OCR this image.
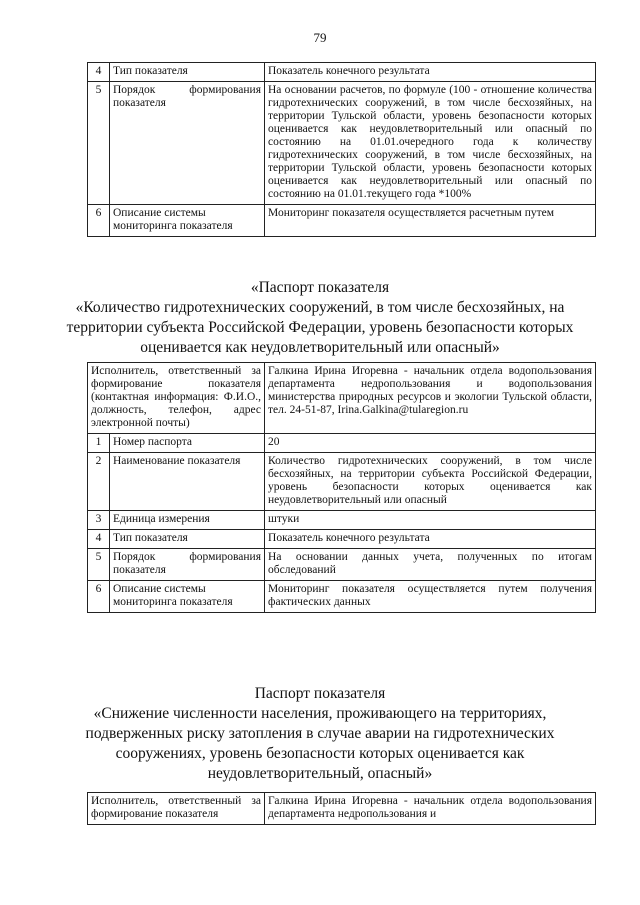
79
4	Тип показателя	Показатель конечного результата
5	Порядок формирования показателя	На основании расчетов, по формуле (100 - отношение количества гидротехнических сооружений, в том числе бесхозяйных, на территории Тульской области, уровень безопасности которых оценивается как неудовлетворительный или опасный по состоянию на 01.01.очередного года к количеству гидротехнических сооружений, в том числе бесхозяйных, на территории Тульской области, уровень безопасности которых оценивается как неудовлетворительный или опасный по состоянию на 01.01.текущего года *100%
6	Описание системы мониторинга показателя	Мониторинг показателя осуществляется расчетным путем
«Паспорт показателя
«Количество гидротехнических сооружений, в том числе бесхозяйных, на
территории субъекта Российской Федерации, уровень безопасности которых
оценивается как неудовлетворительный или опасный»
Исполнитель, ответственный за формирование показателя (контактная информация: Ф.И.О., должность, телефон, адрес электронной почты)		Галкина Ирина Игоревна - начальник отдела водопользования департамента недропользования и водопользования министерства природных ресурсов и экологии Тульской области, тел. 24-51-87, Irina.Galkina@tularegion.ru
1	Номер паспорта	20
2	Наименование показателя	Количество гидротехнических сооружений, в том числе бесхозяйных, на территории субъекта Российской Федерации, уровень безопасности которых оценивается как неудовлетворительный или опасный
3	Единица измерения	штуки
4	Тип показателя	Показатель конечного результата
5	Порядок формирования показателя	На основании данных учета, полученных по итогам обследований
6	Описание системы мониторинга показателя	Мониторинг показателя осуществляется путем получения фактических данных
Паспорт показателя
«Снижение численности населения, проживающего на территориях,
подверженных риску затопления в случае аварии на гидротехнических
сооружениях, уровень безопасности которых оценивается как
неудовлетворительный, опасный»
Исполнитель, ответственный за формирование показателя	Галкина Ирина Игоревна - начальник отдела водопользования департамента недропользования и
